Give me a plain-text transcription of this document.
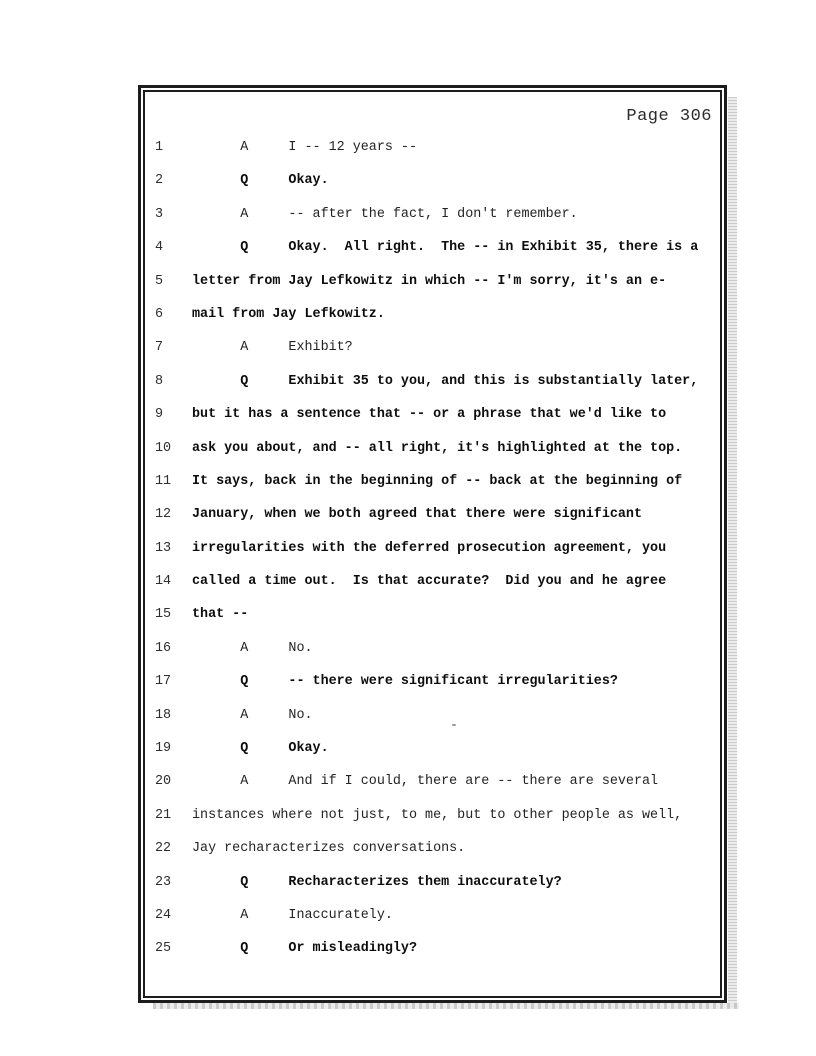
Page 306
1	A     I -- 12 years --
2	Q     Okay.
3	A     -- after the fact, I don't remember.
4	Q     Okay.  All right.  The -- in Exhibit 35, there is a
5	letter from Jay Lefkowitz in which -- I'm sorry, it's an e-
6	mail from Jay Lefkowitz.
7	A     Exhibit?
8	Q     Exhibit 35 to you, and this is substantially later,
9	but it has a sentence that -- or a phrase that we'd like to
10	ask you about, and -- all right, it's highlighted at the top.
11	It says, back in the beginning of -- back at the beginning of
12	January, when we both agreed that there were significant
13	irregularities with the deferred prosecution agreement, you
14	called a time out.  Is that accurate?  Did you and he agree
15	that --
16	A     No.
17	Q     -- there were significant irregularities?
18	A     No.
19	Q     Okay.
20	A     And if I could, there are -- there are several
21	instances where not just, to me, but to other people as well,
22	Jay recharacterizes conversations.
23	Q     Recharacterizes them inaccurately?
24	A     Inaccurately.
25	Q     Or misleadingly?
